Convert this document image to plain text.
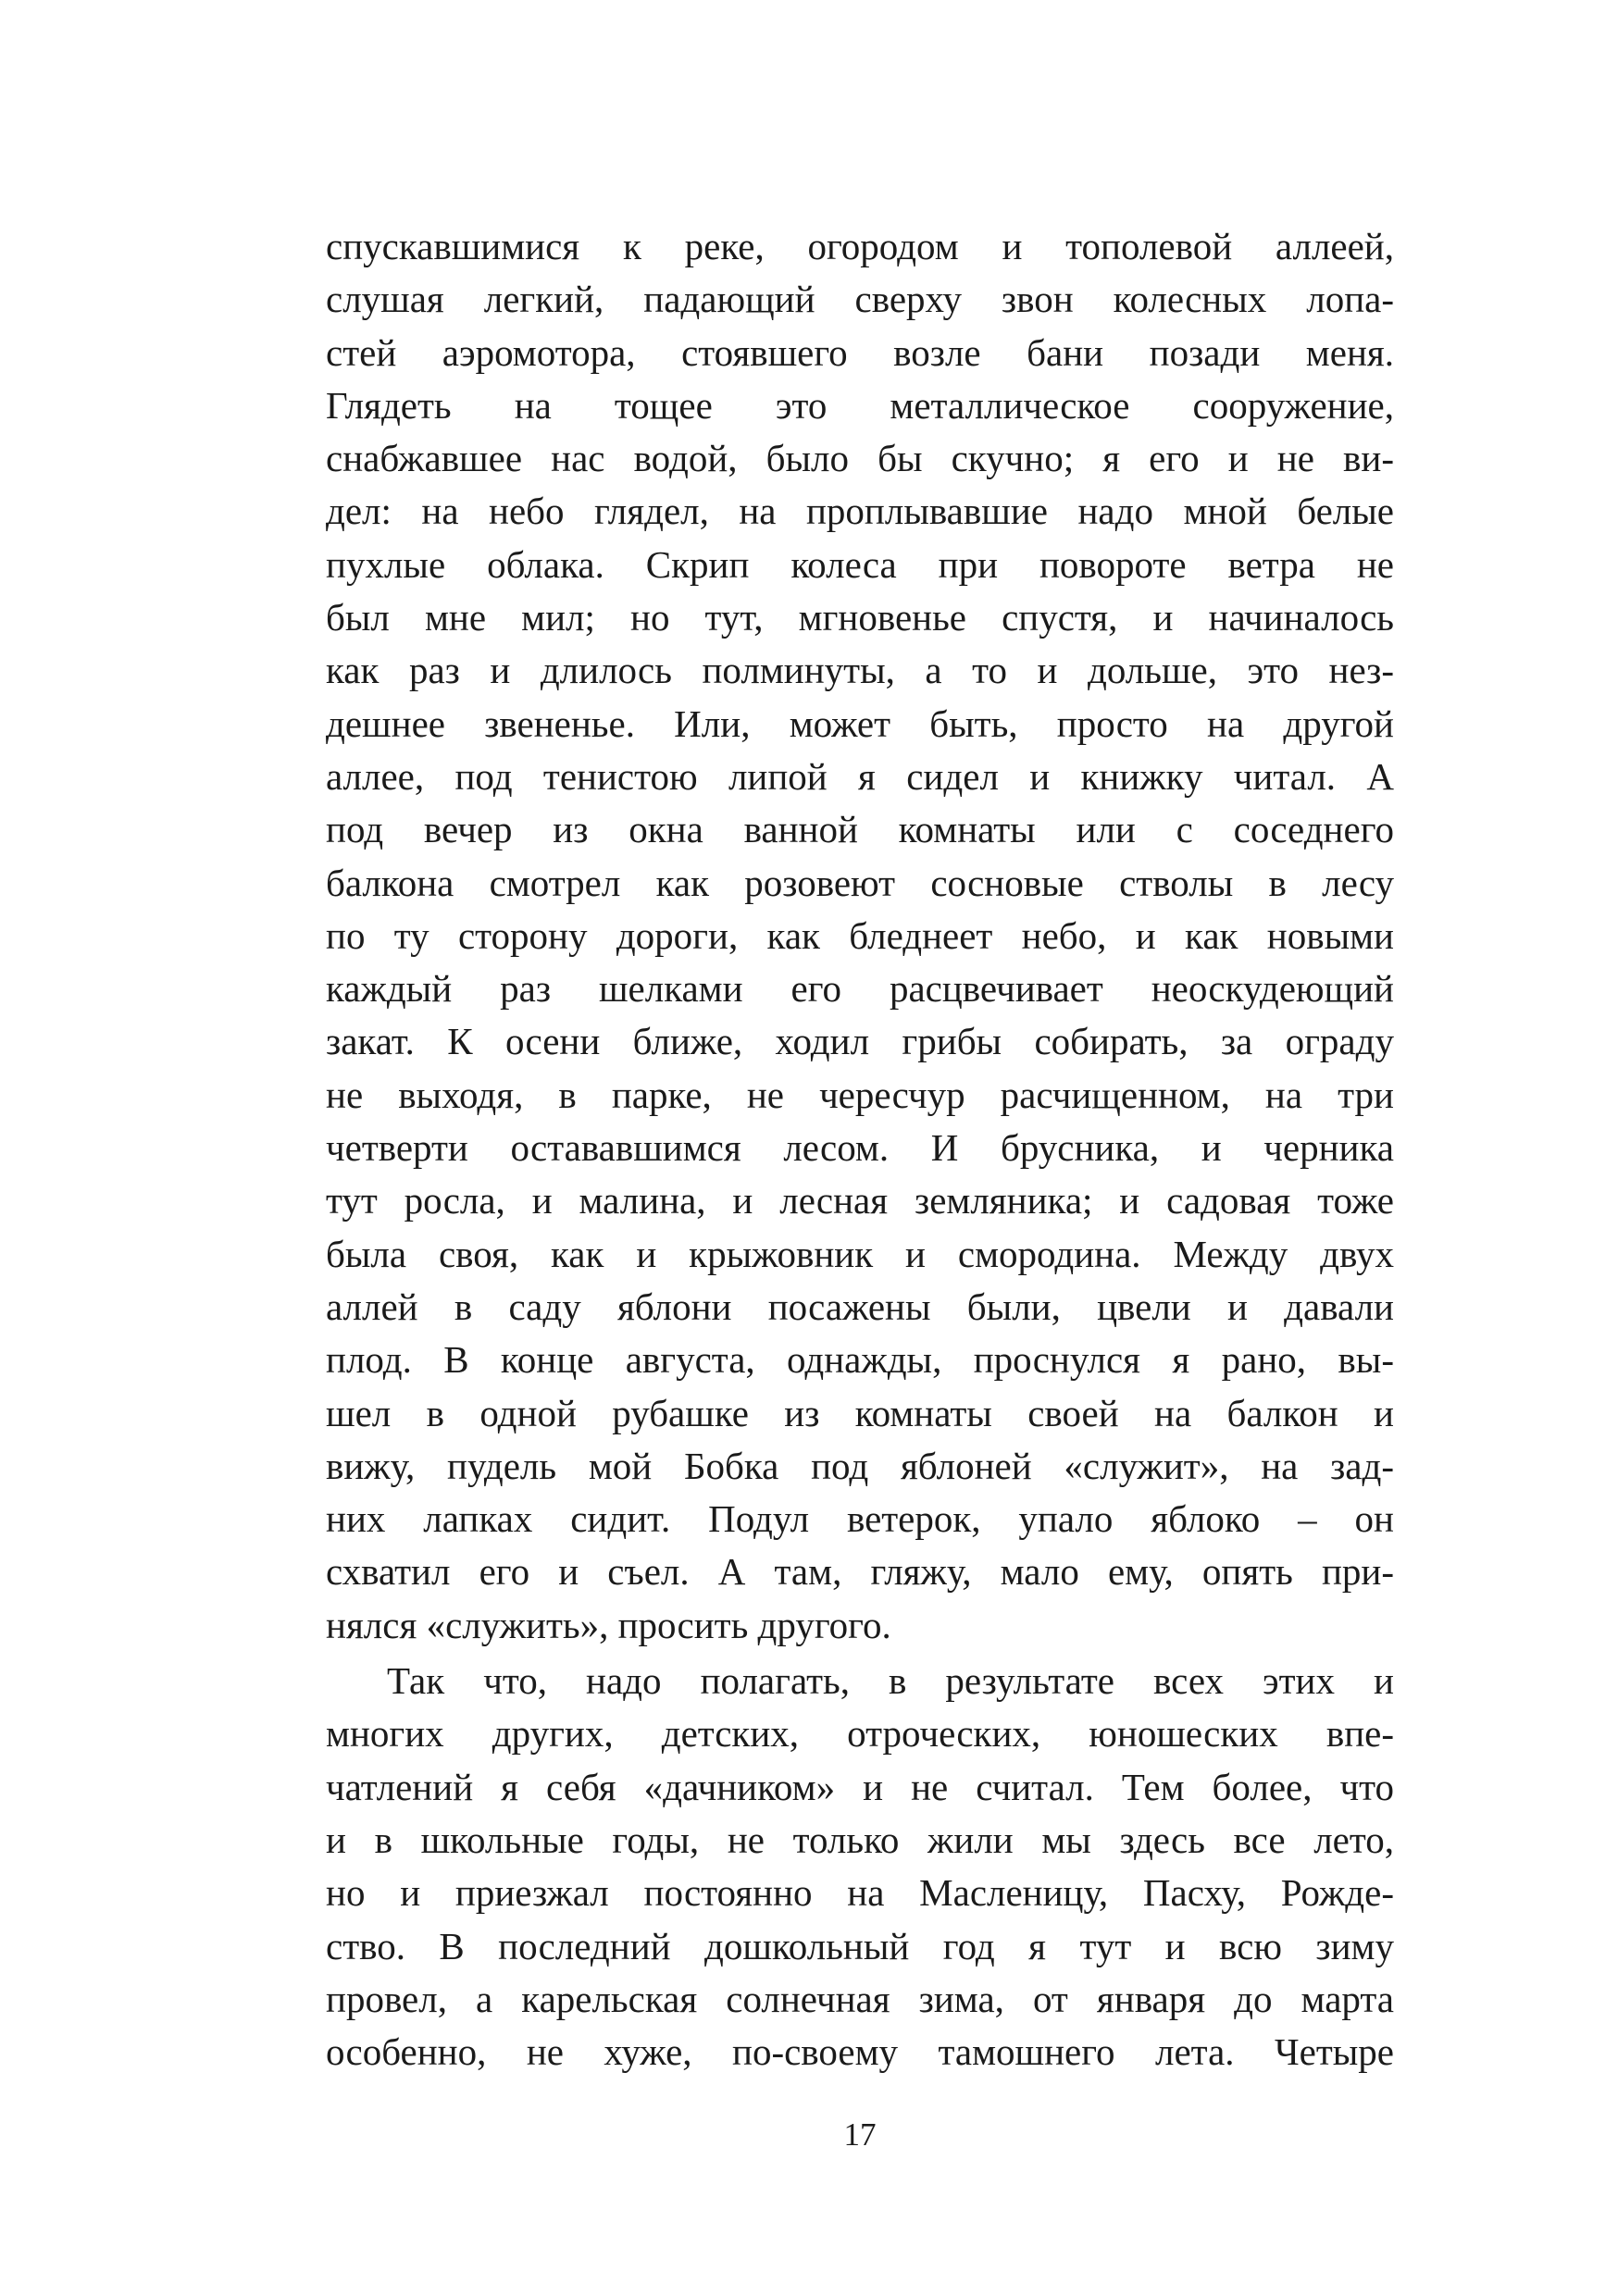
спускавшимися к реке, огородом и тополевой аллеей,
слушая легкий, падающий сверху звон колесных лопа-
стей аэромотора, стоявшего возле бани позади меня.
Глядеть на тощее это металлическое сооружение,
снабжавшее нас водой, было бы скучно; я его и не ви-
дел: на небо глядел, на проплывавшие надо мной белые
пухлые облака. Скрип колеса при повороте ветра не
был мне мил; но тут, мгновенье спустя, и начиналось
как раз и длилось полминуты, а то и дольше, это нез-
дешнее звененье. Или, может быть, просто на другой
аллее, под тенистою липой я сидел и книжку читал. А
под вечер из окна ванной комнаты или с соседнего
балкона смотрел как розовеют сосновые стволы в лесу
по ту сторону дороги, как бледнеет небо, и как новыми
каждый раз шелками его расцвечивает неоскудеющий
закат. К осени ближе, ходил грибы собирать, за ограду
не выходя, в парке, не чересчур расчищенном, на три
четверти остававшимся лесом. И брусника, и черника
тут росла, и малина, и лесная земляника; и садовая тоже
была своя, как и крыжовник и смородина. Между двух
аллей в саду яблони посажены были, цвели и давали
плод. В конце августа, однажды, проснулся я рано, вы-
шел в одной рубашке из комнаты своей на балкон и
вижу, пудель мой Бобка под яблоней «служит», на зад-
них лапках сидит. Подул ветерок, упало яблоко – он
схватил его и съел. А там, гляжу, мало ему, опять при-
нялся «служить», просить другого.
Так что, надо полагать, в результате всех этих и
многих других, детских, отроческих, юношеских впе-
чатлений я себя «дачником» и не считал. Тем более, что
и в школьные годы, не только жили мы здесь все лето,
но и приезжал постоянно на Масленицу, Пасху, Рожде-
ство. В последний дошкольный год я тут и всю зиму
провел, а карельская солнечная зима, от января до марта
особенно, не хуже, по-своему тамошнего лета. Четыре
17
